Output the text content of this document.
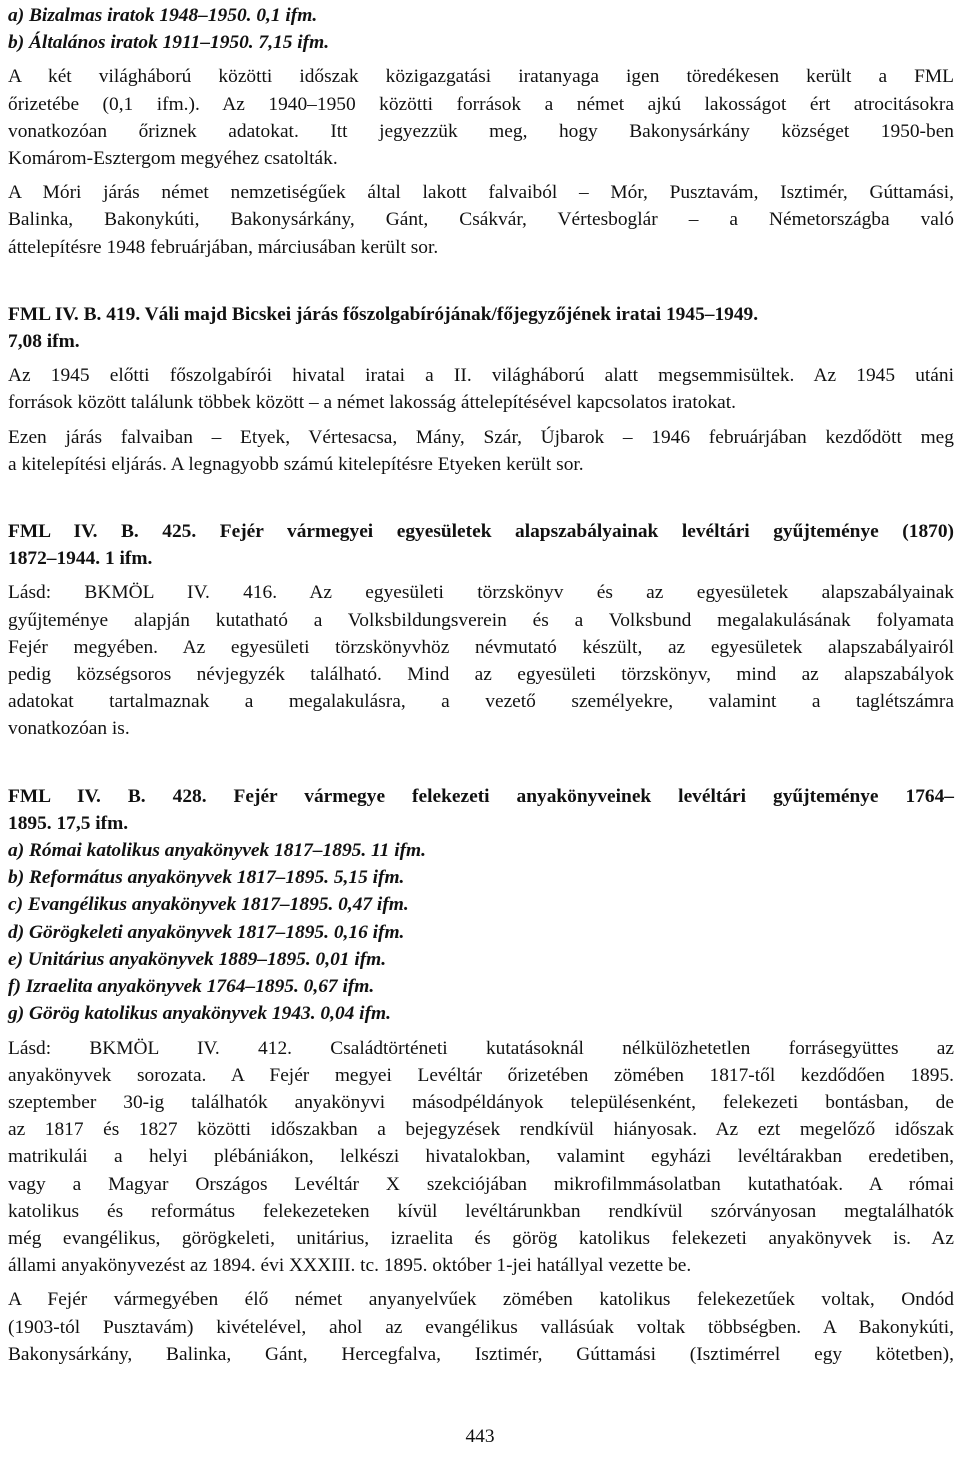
a) Bizalmas iratok 1948–1950. 0,1 ifm.
b) Általános iratok 1911–1950. 7,15 ifm.
A két világháború közötti időszak közigazgatási iratanyaga igen töredékesen került a FML
őrizetébe (0,1 ifm.). Az 1940–1950 közötti források a német ajkú lakosságot ért atrocitásokra
vonatkozóan őriznek adatokat. Itt jegyezzük meg, hogy Bakonysárkány községet 1950-ben
Komárom-Esztergom megyéhez csatolták.
A Móri járás német nemzetiségűek által lakott falvaiból – Mór, Pusztavám, Isztimér, Gúttamási,
Balinka, Bakonykúti, Bakonysárkány, Gánt, Csákvár, Vértesboglár – a Németországba való
áttelepítésre 1948 februárjában, márciusában került sor.
FML IV. B. 419. Váli majd Bicskei járás főszolgabírójának/főjegyzőjének iratai 1945–1949.
7,08 ifm.
Az 1945 előtti főszolgabírói hivatal iratai a II. világháború alatt megsemmisültek. Az 1945 utáni
források között találunk többek között – a német lakosság áttelepítésével kapcsolatos iratokat.
Ezen járás falvaiban – Etyek, Vértesacsa, Mány, Szár, Újbarok – 1946 februárjában kezdődött meg
a kitelepítési eljárás. A legnagyobb számú kitelepítésre Etyeken került sor.
FML IV. B. 425. Fejér vármegyei egyesületek alapszabályainak levéltári gyűjteménye (1870)
1872–1944. 1 ifm.
Lásd: BKMÖL IV. 416. Az egyesületi törzskönyv és az egyesületek alapszabályainak
gyűjteménye alapján kutatható a Volksbildungsverein és a Volksbund megalakulásának folyamata
Fejér megyében. Az egyesületi törzskönyvhöz névmutató készült, az egyesületek alapszabályairól
pedig községsoros névjegyzék található. Mind az egyesületi törzskönyv, mind az alapszabályok
adatokat tartalmaznak a megalakulásra, a vezető személyekre, valamint a taglétszámra
vonatkozóan is.
FML IV. B. 428. Fejér vármegye felekezeti anyakönyveinek levéltári gyűjteménye 1764–
1895. 17,5 ifm.
a) Római katolikus anyakönyvek 1817–1895. 11 ifm.
b) Református anyakönyvek 1817–1895. 5,15 ifm.
c) Evangélikus anyakönyvek 1817–1895. 0,47 ifm.
d) Görögkeleti anyakönyvek 1817–1895. 0,16 ifm.
e) Unitárius anyakönyvek 1889–1895. 0,01 ifm.
f) Izraelita anyakönyvek 1764–1895. 0,67 ifm.
g) Görög katolikus anyakönyvek 1943. 0,04 ifm.
Lásd: BKMÖL IV. 412. Családtörténeti kutatásoknál nélkülözhetetlen forrásegyüttes az
anyakönyvek sorozata. A Fejér megyei Levéltár őrizetében zömében 1817-től kezdődően 1895.
szeptember 30-ig találhatók anyakönyvi másodpéldányok településenként, felekezeti bontásban, de
az 1817 és 1827 közötti időszakban a bejegyzések rendkívül hiányosak. Az ezt megelőző időszak
matrikulái a helyi plébániákon, lelkészi hivatalokban, valamint egyházi levéltárakban eredetiben,
vagy a Magyar Országos Levéltár X szekciójában mikrofilmmásolatban kutathatóak. A római
katolikus és református felekezeteken kívül levéltárunkban rendkívül szórványosan megtalálhatók
még evangélikus, görögkeleti, unitárius, izraelita és görög katolikus felekezeti anyakönyvek is. Az
állami anyakönyvezést az 1894. évi XXXIII. tc. 1895. október 1-jei hatállyal vezette be.
A Fejér vármegyében élő német anyanyelvűek zömében katolikus felekezetűek voltak, Ondód
(1903-tól Pusztavám) kivételével, ahol az evangélikus vallásúak voltak többségben. A Bakonykúti,
Bakonysárkány, Balinka, Gánt, Hercegfalva, Isztimér, Gúttamási (Isztimérrel egy kötetben),
443
